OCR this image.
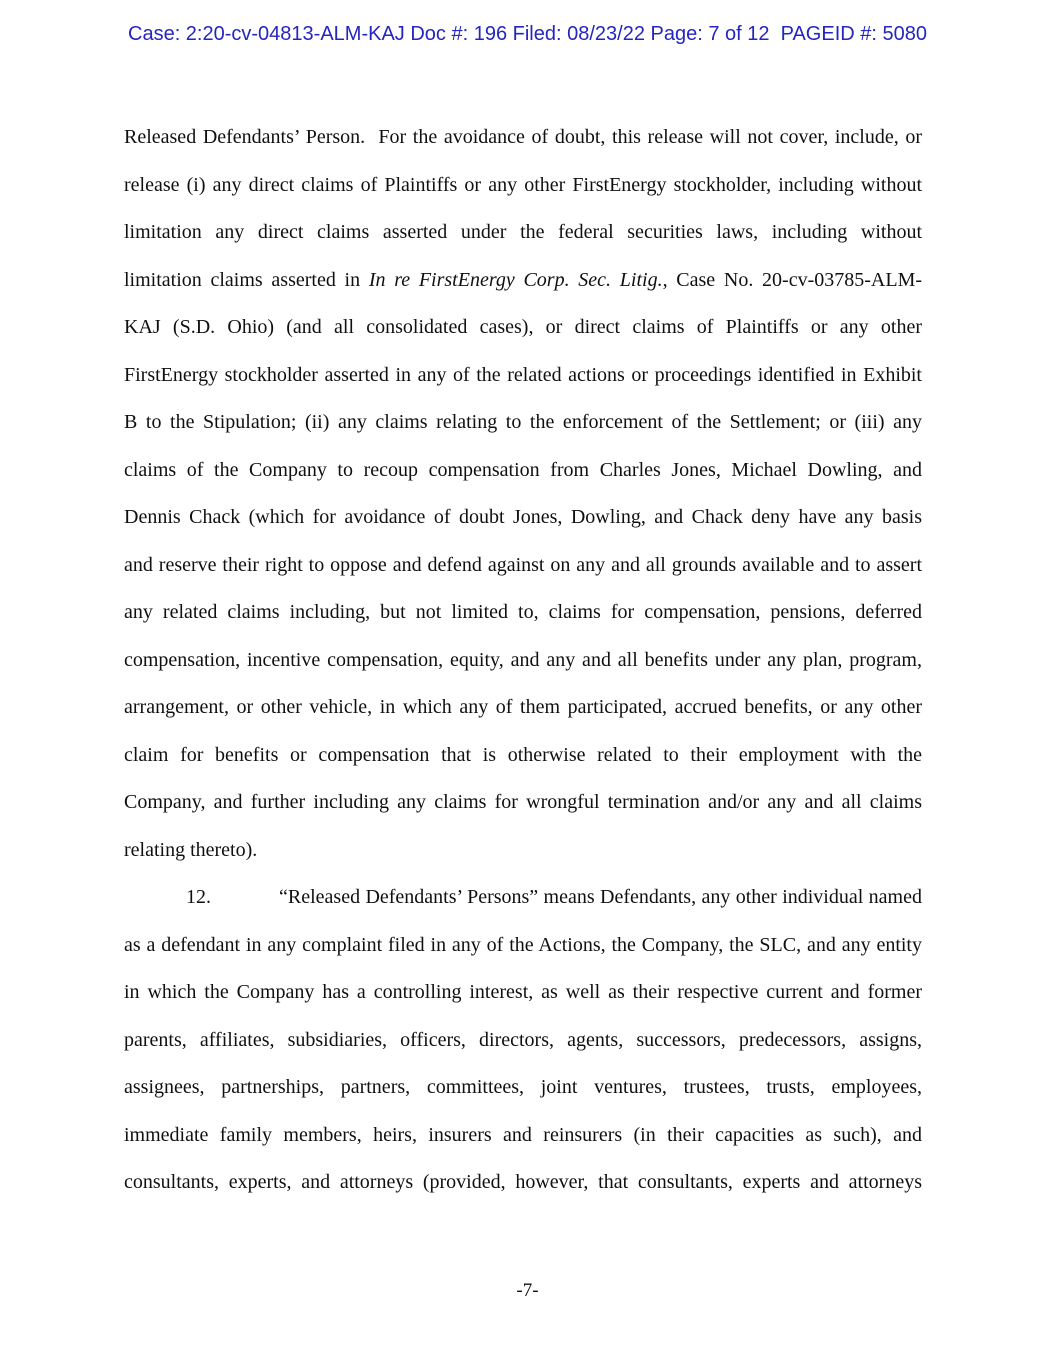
Case: 2:20-cv-04813-ALM-KAJ Doc #: 196 Filed: 08/23/22 Page: 7 of 12  PAGEID #: 5080
Released Defendants’ Person.  For the avoidance of doubt, this release will not cover, include, or
release (i) any direct claims of Plaintiffs or any other FirstEnergy stockholder, including without
limitation any direct claims asserted under the federal securities laws, including without
limitation claims asserted in In re FirstEnergy Corp. Sec. Litig., Case No. 20-cv-03785-ALM-
KAJ (S.D. Ohio) (and all consolidated cases), or direct claims of Plaintiffs or any other
FirstEnergy stockholder asserted in any of the related actions or proceedings identified in Exhibit
B to the Stipulation; (ii) any claims relating to the enforcement of the Settlement; or (iii) any
claims of the Company to recoup compensation from Charles Jones, Michael Dowling, and
Dennis Chack (which for avoidance of doubt Jones, Dowling, and Chack deny have any basis
and reserve their right to oppose and defend against on any and all grounds available and to assert
any related claims including, but not limited to, claims for compensation, pensions, deferred
compensation, incentive compensation, equity, and any and all benefits under any plan, program,
arrangement, or other vehicle, in which any of them participated, accrued benefits, or any other
claim for benefits or compensation that is otherwise related to their employment with the
Company, and further including any claims for wrongful termination and/or any and all claims
relating thereto).
12.	“Released Defendants’ Persons” means Defendants, any other individual named
as a defendant in any complaint filed in any of the Actions, the Company, the SLC, and any entity
in which the Company has a controlling interest, as well as their respective current and former
parents, affiliates, subsidiaries, officers, directors, agents, successors, predecessors, assigns,
assignees, partnerships, partners, committees, joint ventures, trustees, trusts, employees,
immediate family members, heirs, insurers and reinsurers (in their capacities as such), and
consultants, experts, and attorneys (provided, however, that consultants, experts and attorneys
-7-
